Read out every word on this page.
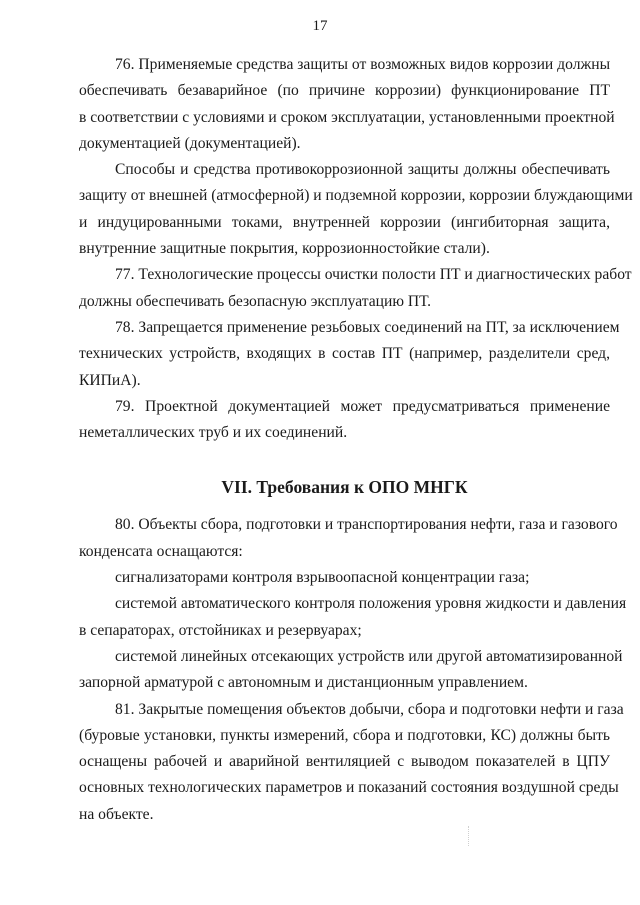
17
76. Применяемые средства защиты от возможных видов коррозии должны
обеспечивать безаварийное (по причине коррозии) функционирование ПТ
в соответствии с условиями и сроком эксплуатации, установленными проектной
документацией (документацией).
Способы и средства противокоррозионной защиты должны обеспечивать
защиту от внешней (атмосферной) и подземной коррозии, коррозии блуждающими
и индуцированными токами, внутренней коррозии (ингибиторная защита,
внутренние защитные покрытия, коррозионностойкие стали).
77. Технологические процессы очистки полости ПТ и диагностических работ
должны обеспечивать безопасную эксплуатацию ПТ.
78. Запрещается применение резьбовых соединений на ПТ, за исключением
технических устройств, входящих в состав ПТ (например, разделители сред,
КИПиА).
79. Проектной документацией может предусматриваться применение
неметаллических труб и их соединений.
VII. Требования к ОПО МНГК
80. Объекты сбора, подготовки и транспортирования нефти, газа и газового
конденсата оснащаются:
сигнализаторами контроля взрывоопасной концентрации газа;
системой автоматического контроля положения уровня жидкости и давления
в сепараторах, отстойниках и резервуарах;
системой линейных отсекающих устройств или другой автоматизированной
запорной арматурой с автономным и дистанционным управлением.
81. Закрытые помещения объектов добычи, сбора и подготовки нефти и газа
(буровые установки, пункты измерений, сбора и подготовки, КС) должны быть
оснащены рабочей и аварийной вентиляцией с выводом показателей в ЦПУ
основных технологических параметров и показаний состояния воздушной среды
на объекте.
